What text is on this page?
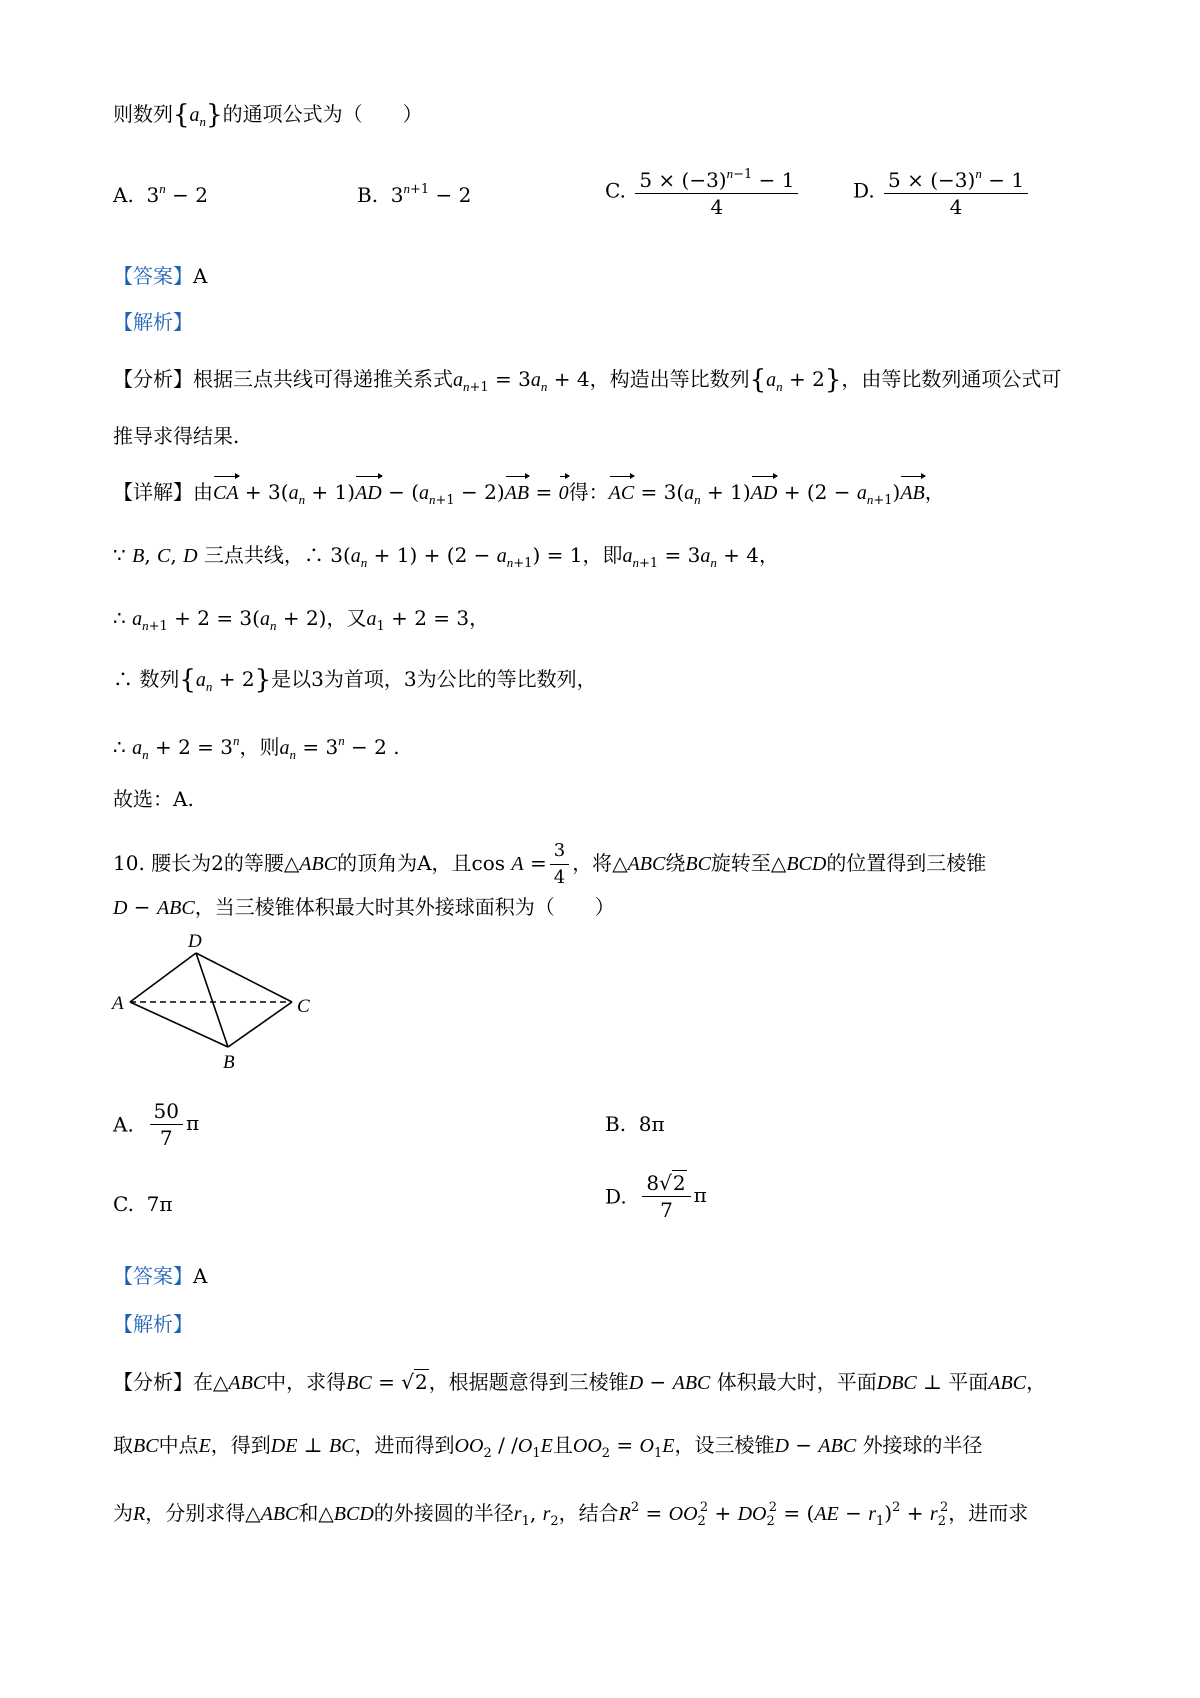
则数列$\{a_n\}$的通项公式为（　　）
A.  $3^n - 2$	B.  $3^{n+1} - 2$	C. $\frac{5 \times (-3)^{n-1} - 1}{4}$	D. $\frac{5 \times (-3)^n - 1}{4}$
【答案】A
【解析】
【分析】根据三点共线可得递推关系式$a_{n+1} = 3a_n + 4$，构造出等比数列$\{a_n + 2\}$，由等比数列通项公式可
推导求得结果.
【详解】由CA + $3(a_n + 1)AD - (a_{n+1} - 2)AB = 0$得：AC = $3(a_n + 1)AD + (2 - a_{n+1})AB$，
∵ B, C, D 三点共线，∴ $3(a_n + 1) + (2 - a_{n+1}) = 1$，即$a_{n+1} = 3a_n + 4$，
∴ $a_{n+1} + 2 = 3(a_n + 2)$，又$a_1 + 2 = 3$，
∴ 数列$\{a_n + 2\}$是以3为首项，3为公比的等比数列，
∴ $a_n + 2 = 3^n$，则$a_n = 3^n - 2$ .
故选：A.
10. 腰长为2的等腰△ABC的顶角为A，且$\cos A = \frac{3}{4}$ ，将△ABC绕BC旋转至△BCD的位置得到三棱锥
D − ABC，当三棱锥体积最大时其外接球面积为（　　）
D
A	C
B
A. $\frac{50}{7}$ π	B.  8π
C.  7π	D. $\frac{8√2}{7}$ π
【答案】A
【解析】
【分析】在△ABC中，求得BC = √2，根据题意得到三棱锥D − ABC 体积最大时，平面DBC ⊥ 平面ABC，
取BC中点E，得到DE ⊥ BC，进而得到$OO_2 / /O_1E$且$OO_2 = O_1E$，设三棱锥D − ABC 外接球的半径
为R，分别求得△ABC和△BCD的外接圆的半径$r_1$, $r_2$，结合$R^2 = OO_2^2 + DO_2^2 = (AE - r_1)^2 + r_2^2$，进而求
